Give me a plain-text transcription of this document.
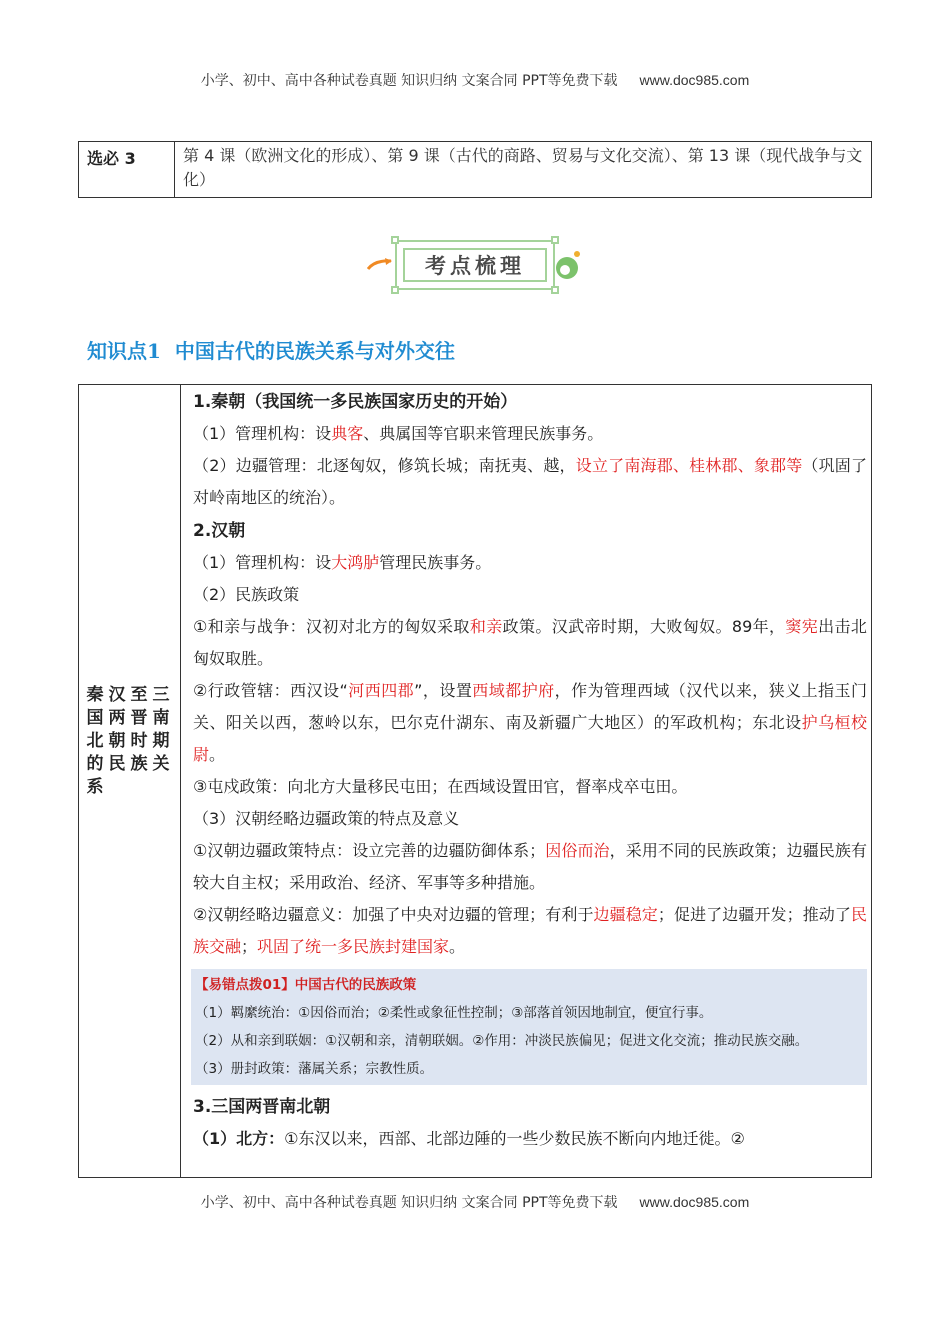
小学、初中、高中各种试卷真题 知识归纳 文案合同 PPT等免费下载 www.doc985.com
选必 3	第 4 课（欧洲文化的形成）、第 9 课（古代的商路、贸易与文化交流）、第 13 课（现代战争与文化）
考点梳理
知识点1 中国古代的民族关系与对外交往
秦汉至三国两晋南北朝时期的民族关系
1.秦朝（我国统一多民族国家历史的开始）
（1）管理机构：设典客、典属国等官职来管理民族事务。
（2）边疆管理：北逐匈奴，修筑长城；南抚夷、越，设立了南海郡、桂林郡、象郡等（巩固了对岭南地区的统治）。
2.汉朝
（1）管理机构：设大鸿胪管理民族事务。
（2）民族政策
①和亲与战争：汉初对北方的匈奴采取和亲政策。汉武帝时期，大败匈奴。89年，窦宪出击北匈奴取胜。
②行政管辖：西汉设“河西四郡”，设置西域都护府，作为管理西域（汉代以来，狭义上指玉门关、阳关以西，葱岭以东，巴尔克什湖东、南及新疆广大地区）的军政机构；东北设护乌桓校尉。
③屯戍政策：向北方大量移民屯田；在西域设置田官，督率戍卒屯田。
（3）汉朝经略边疆政策的特点及意义
①汉朝边疆政策特点：设立完善的边疆防御体系；因俗而治，采用不同的民族政策；边疆民族有较大自主权；采用政治、经济、军事等多种措施。
②汉朝经略边疆意义：加强了中央对边疆的管理；有利于边疆稳定；促进了边疆开发；推动了民族交融；巩固了统一多民族封建国家。
【易错点拨01】中国古代的民族政策
（1）羁縻统治：①因俗而治；②柔性或象征性控制；③部落首领因地制宜，便宜行事。
（2）从和亲到联姻：①汉朝和亲，清朝联姻。②作用：冲淡民族偏见；促进文化交流；推动民族交融。
（3）册封政策：藩属关系；宗教性质。
3.三国两晋南北朝
（1）北方：①东汉以来，西部、北部边陲的一些少数民族不断向内地迁徙。②
小学、初中、高中各种试卷真题 知识归纳 文案合同 PPT等免费下载 www.doc985.com
